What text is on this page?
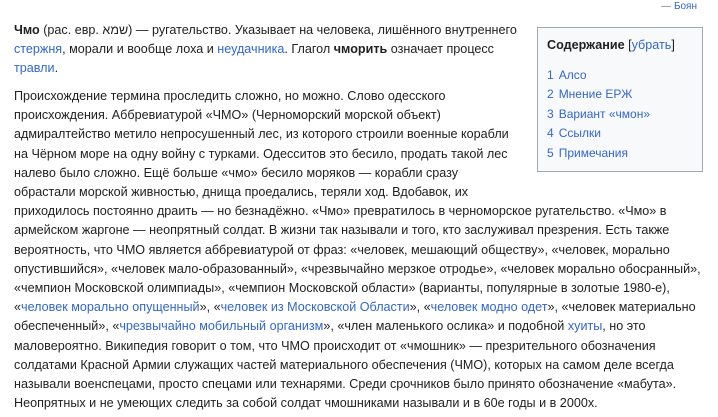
— Боян

Чмо (рас. евр. שמא) — ругательство. Указывает на человека, лишённого внутреннего

стержня, морали и вообще лоха и неудачника. Глагол чморить означает процесс

травли.

Происхождение термина проследить сложно, но можно. Слово одесского

происхождения. Аббревиатурой «ЧМО» (Черноморский морской объект)

адмиралтейство метило непросушенный лес, из которого строили военные корабли

на Чёрном море на одну войну с турками. Одесситов это бесило, продать такой лес

налево было сложно. Ещё больше «чмо» бесило моряков — корабли сразу

обрастали морской живностью, днища проедались, теряли ход. Вдобавок, их

приходилось постоянно драить — но безнадёжно. «Чмо» превратилось в черноморское ругательство. «Чмо» в

армейском жаргоне — неопрятный солдат. В жизни так называли и того, кто заслуживал презрения. Есть также

вероятность, что ЧМО является аббревиатурой от фраз: «человек, мешающий обществу», «человек, морально

опустившийся», «человек мало-образованный», «чрезвычайно мерзкое отродье», «человек морально обосранный»,

«чемпион Московской олимпиады», «чемпион Московской области» (варианты, популярные в золотые 1980-е),

«человек морально опущенный», «человек из Московской Области», «человек модно одет», «человек материально

обеспеченный», «чрезвычайно мобильный организм», «член маленького ослика» и подобной хуиты, но это

маловероятно. Википедия говорит о том, что ЧМО происходит от «чмошник» — презрительного обозначения

солдатами Красной Армии служащих частей материального обеспечения (ЧМО), которых на самом деле всегда

называли военспецами, просто спецами или технарями. Среди срочников было принято обозначение «мабута».

Неопрятных и не умеющих следить за собой солдат чмошниками называли и в 60е годы и в 2000х.

Содержание [убрать]
1 Алсо
2 Мнение ЕРЖ
3 Вариант «чмон»
4 Ссылки
5 Примечания
